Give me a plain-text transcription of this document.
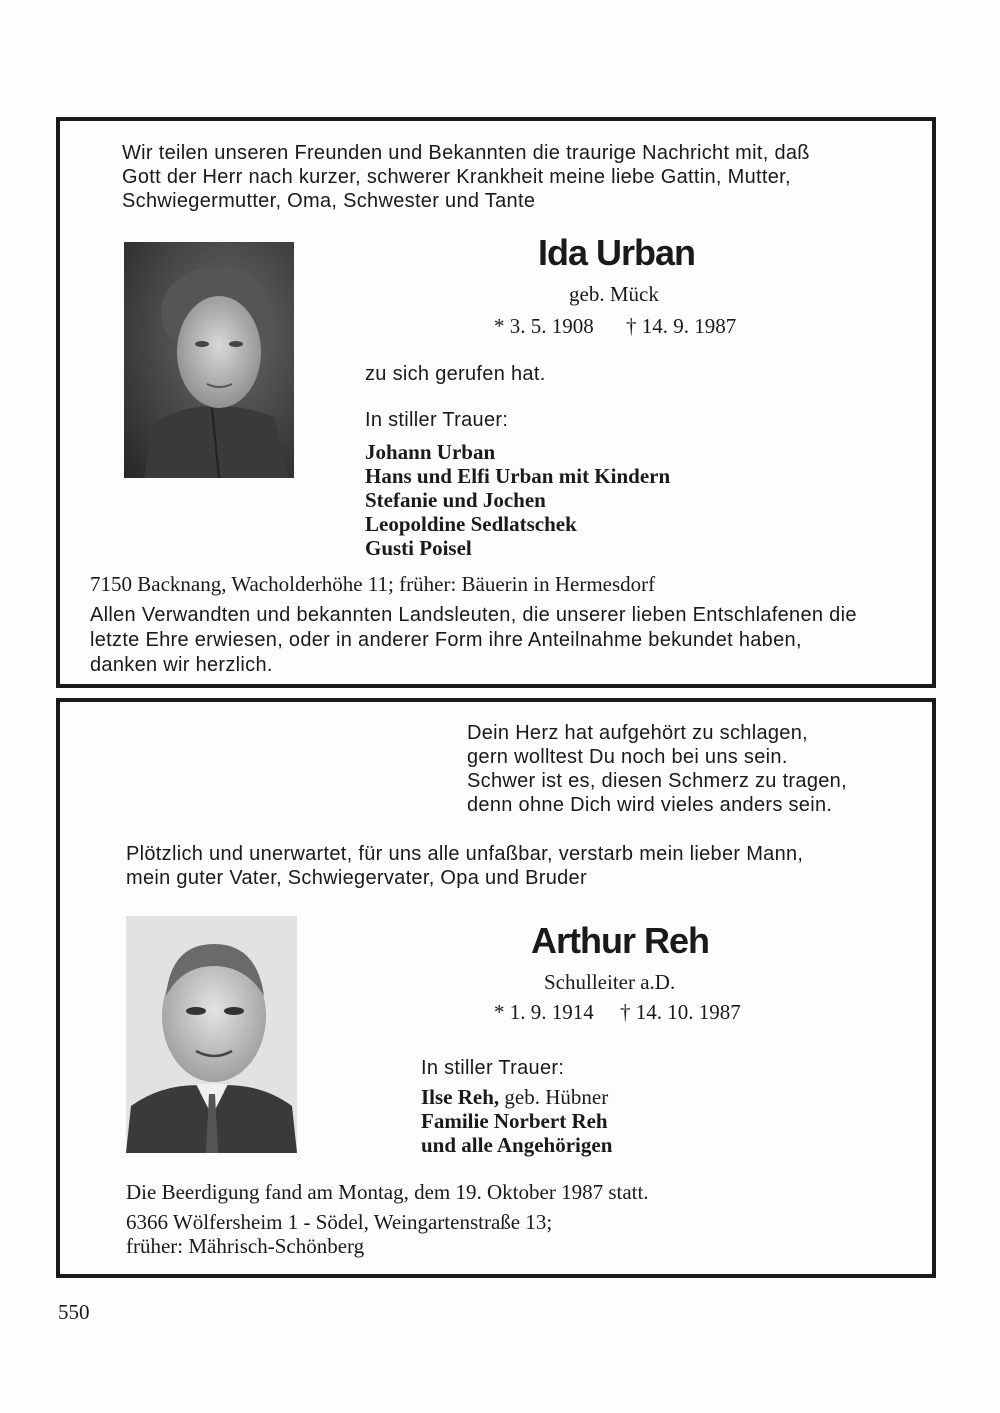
Wir teilen unseren Freunden und Bekannten die traurige Nachricht mit, daß
Gott der Herr nach kurzer, schwerer Krankheit meine liebe Gattin, Mutter,
Schwiegermutter, Oma, Schwester und Tante
Ida Urban
geb. Mück
* 3. 5. 1908 † 14. 9. 1987
zu sich gerufen hat.
In stiller Trauer:
Johann Urban
Hans und Elfi Urban mit Kindern
Stefanie und Jochen
Leopoldine Sedlatschek
Gusti Poisel
7150 Backnang, Wacholderhöhe 11; früher: Bäuerin in Hermesdorf
Allen Verwandten und bekannten Landsleuten, die unserer lieben Entschlafenen die
letzte Ehre erwiesen, oder in anderer Form ihre Anteilnahme bekundet haben,
danken wir herzlich.
Dein Herz hat aufgehört zu schlagen,
gern wolltest Du noch bei uns sein.
Schwer ist es, diesen Schmerz zu tragen,
denn ohne Dich wird vieles anders sein.
Plötzlich und unerwartet, für uns alle unfaßbar, verstarb mein lieber Mann,
mein guter Vater, Schwiegervater, Opa und Bruder
Arthur Reh
Schulleiter a.D.
* 1. 9. 1914 † 14. 10. 1987
In stiller Trauer:
Ilse Reh, geb. Hübner
Familie Norbert Reh
und alle Angehörigen
Die Beerdigung fand am Montag, dem 19. Oktober 1987 statt.
6366 Wölfersheim 1 - Södel, Weingartenstraße 13;
früher: Mährisch-Schönberg
550
